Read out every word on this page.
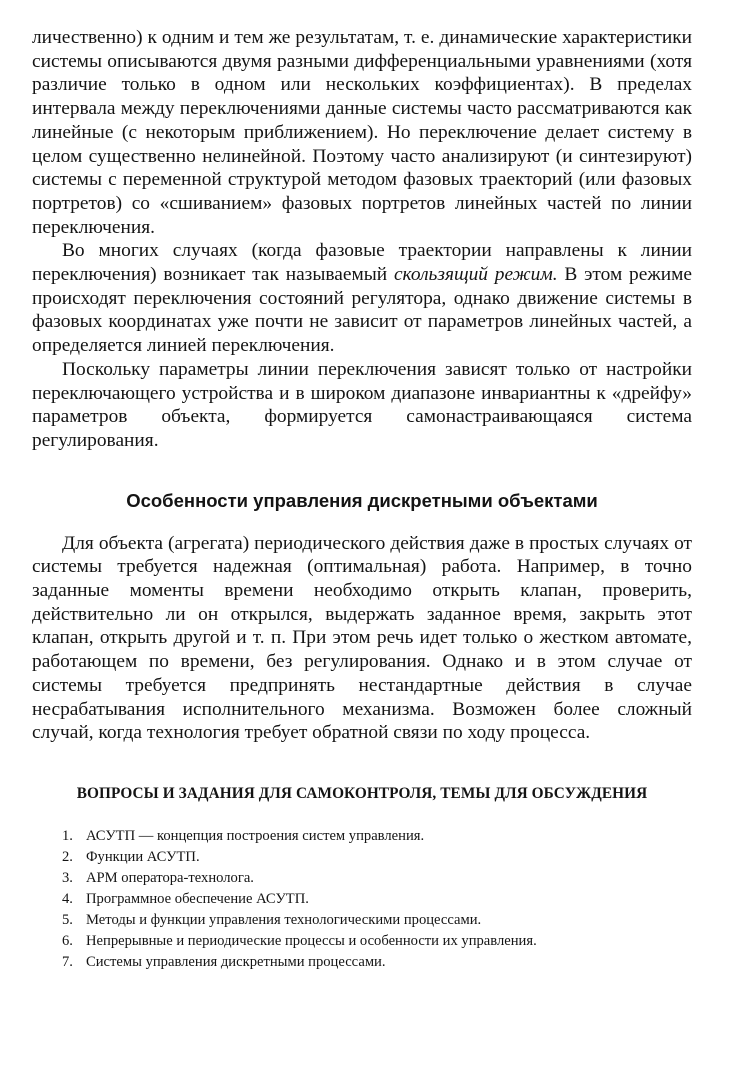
личественно) к одним и тем же результатам, т. е. динамические характеристики системы описываются двумя разными дифференциальными уравнениями (хотя различие только в одном или нескольких коэффициентах). В пределах интервала между переключениями данные системы часто рассматриваются как линейные (с некоторым приближением). Но переключение делает систему в целом существенно нелинейной. Поэтому часто анализируют (и синтезируют) системы с переменной структурой методом фазовых траекторий (или фазовых портретов) со «сшиванием» фазовых портретов линейных частей по линии переключения.

Во многих случаях (когда фазовые траектории направлены к линии переключения) возникает так называемый скользящий режим. В этом режиме происходят переключения состояний регулятора, однако движение системы в фазовых координатах уже почти не зависит от параметров линейных частей, а определяется линией переключения.

Поскольку параметры линии переключения зависят только от настройки переключающего устройства и в широком диапазоне инвариантны к «дрейфу» параметров объекта, формируется самонастраивающаяся система регулирования.

Особенности управления дискретными объектами

Для объекта (агрегата) периодического действия даже в простых случаях от системы требуется надежная (оптимальная) работа. Например, в точно заданные моменты времени необходимо открыть клапан, проверить, действительно ли он открылся, выдержать заданное время, закрыть этот клапан, открыть другой и т. п. При этом речь идет только о жестком автомате, работающем по времени, без регулирования. Однако и в этом случае от системы требуется предпринять нестандартные действия в случае несрабатывания исполнительного механизма. Возможен более сложный случай, когда технология требует обратной связи по ходу процесса.

ВОПРОСЫ И ЗАДАНИЯ ДЛЯ САМОКОНТРОЛЯ, ТЕМЫ ДЛЯ ОБСУЖДЕНИЯ
1. АСУТП — концепция построения систем управления.
2. Функции АСУТП.
3. АРМ оператора-технолога.
4. Программное обеспечение АСУТП.
5. Методы и функции управления технологическими процессами.
6. Непрерывные и периодические процессы и особенности их управления.
7. Системы управления дискретными процессами.
